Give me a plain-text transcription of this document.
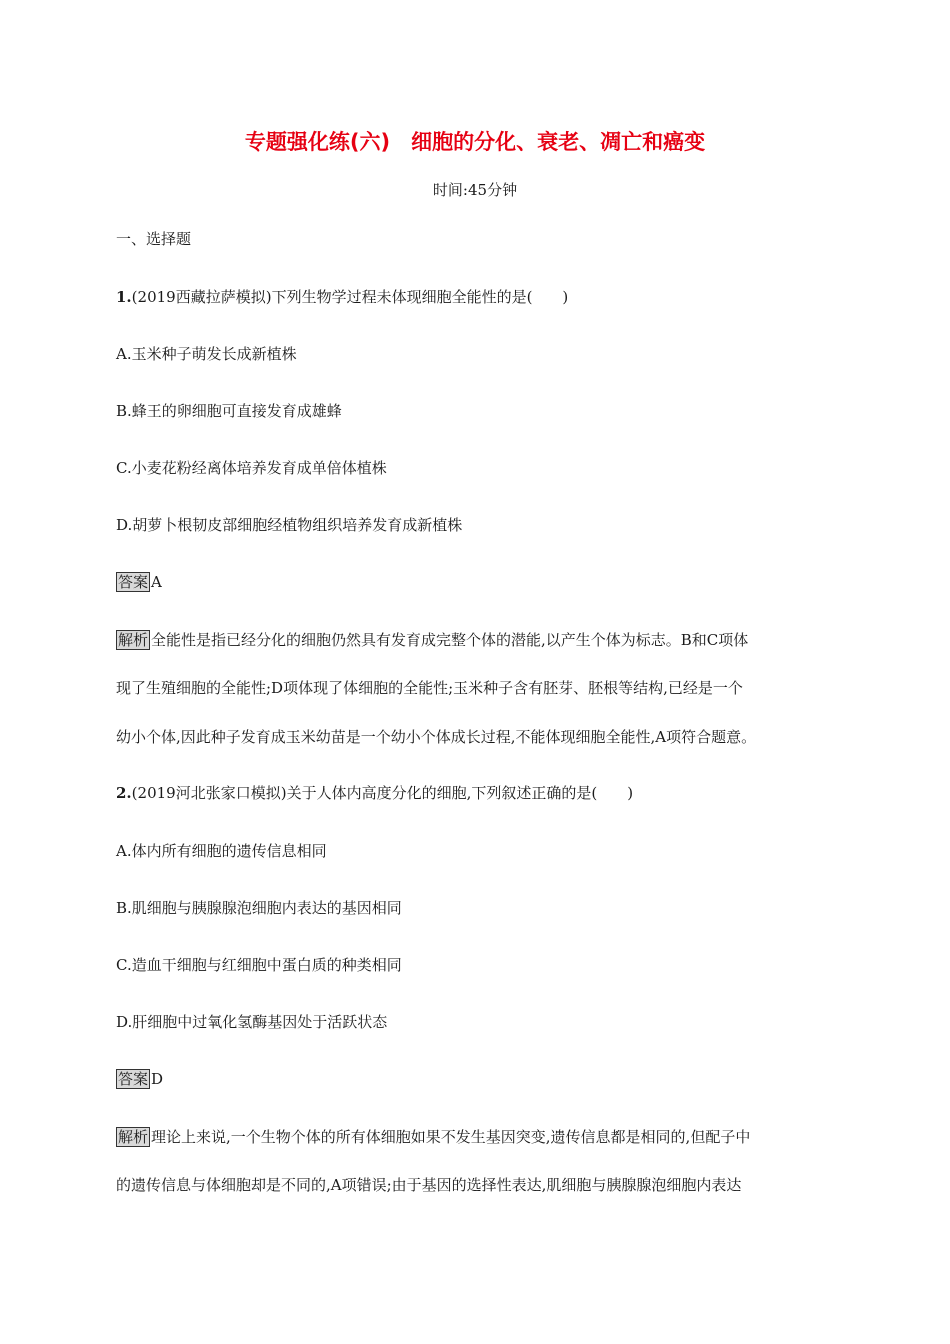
专题强化练(六)　细胞的分化、衰老、凋亡和癌变
时间:45分钟
一、选择题
1.(2019西藏拉萨模拟)下列生物学过程未体现细胞全能性的是( )
A.玉米种子萌发长成新植株
B.蜂王的卵细胞可直接发育成雄蜂
C.小麦花粉经离体培养发育成单倍体植株
D.胡萝卜根韧皮部细胞经植物组织培养发育成新植株
答案 A
解析 全能性是指已经分化的细胞仍然具有发育成完整个体的潜能,以产生个体为标志。B和C项体
现了生殖细胞的全能性;D项体现了体细胞的全能性;玉米种子含有胚芽、胚根等结构,已经是一个
幼小个体,因此种子发育成玉米幼苗是一个幼小个体成长过程,不能体现细胞全能性,A项符合题意。
2.(2019河北张家口模拟)关于人体内高度分化的细胞,下列叙述正确的是( )
A.体内所有细胞的遗传信息相同
B.肌细胞与胰腺腺泡细胞内表达的基因相同
C.造血干细胞与红细胞中蛋白质的种类相同
D.肝细胞中过氧化氢酶基因处于活跃状态
答案 D
解析 理论上来说,一个生物个体的所有体细胞如果不发生基因突变,遗传信息都是相同的,但配子中
的遗传信息与体细胞却是不同的,A项错误;由于基因的选择性表达,肌细胞与胰腺腺泡细胞内表达
